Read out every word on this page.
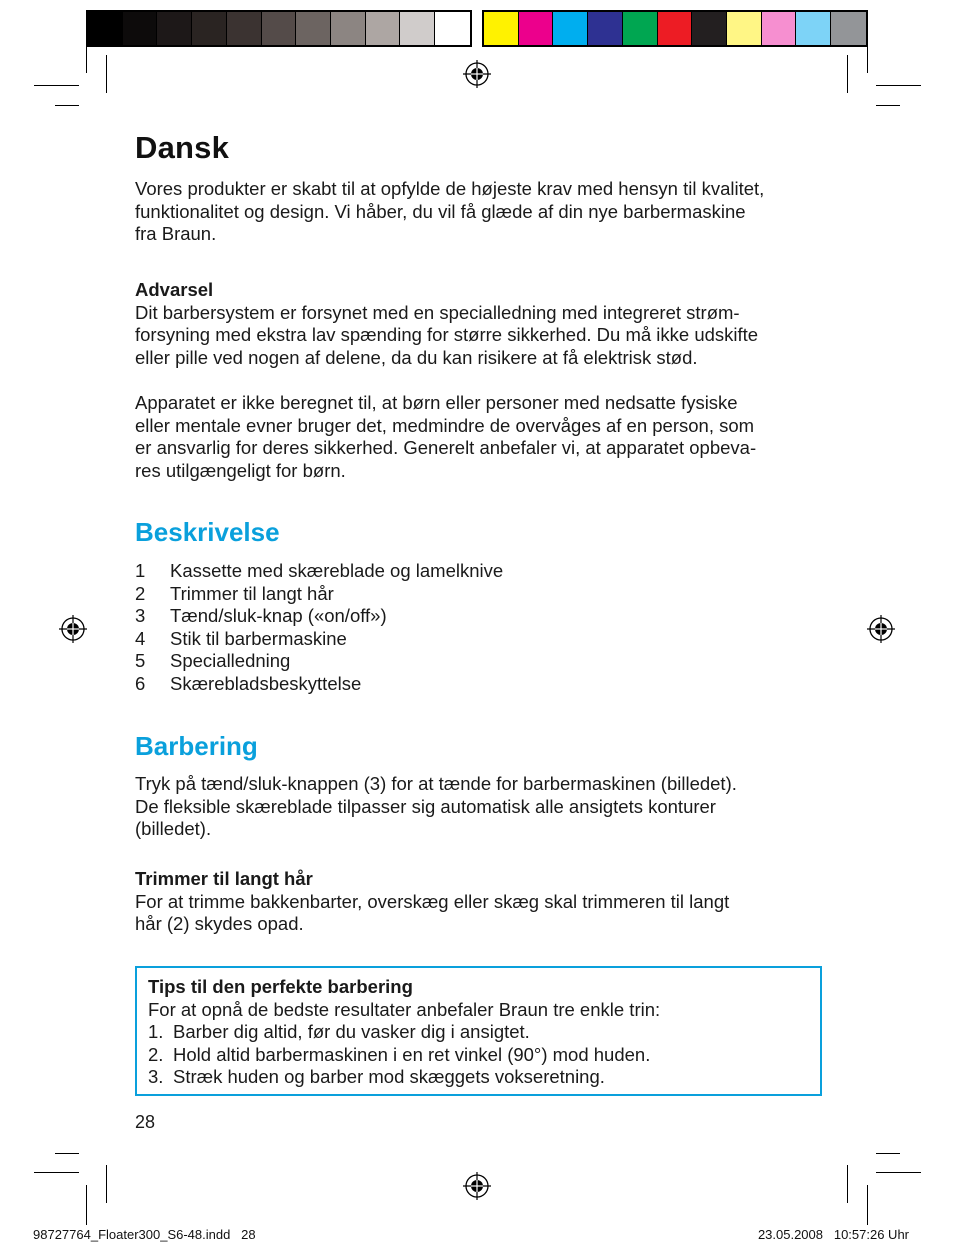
Dansk

Vores produkter er skabt til at opfylde de højeste krav med hensyn til kvalitet,

funktionalitet og design. Vi håber, du vil få glæde af din nye barbermaskine

fra Braun.

Advarsel

Dit barbersystem er forsynet med en specialledning med integreret strøm-

forsyning med ekstra lav spænding for større sikkerhed. Du må ikke udskifte

eller pille ved nogen af delene, da du kan risikere at få elektrisk stød.

Apparatet er ikke beregnet til, at børn eller personer med nedsatte fysiske

eller mentale evner bruger det, medmindre de overvåges af en person, som

er ansvarlig for deres sikkerhed. Generelt anbefaler vi, at apparatet opbeva-

res utilgængeligt for børn.

Beskrivelse
1	Kassette med skæreblade og lamelknive
2	Trimmer til langt hår
3	Tænd/sluk-knap («on/off»)
4	Stik til barbermaskine
5	Specialledning
6	Skærebladsbeskyttelse
Barbering

Tryk på tænd/sluk-knappen (3) for at tænde for barbermaskinen (billedet).

De fleksible skæreblade tilpasser sig automatisk alle ansigtets konturer

(billedet).

Trimmer til langt hår

For at trimme bakkenbarter, overskæg eller skæg skal trimmeren til langt

hår (2) skydes opad.

Tips til den perfekte barbering

For at opnå de bedste resultater anbefaler Braun tre enkle trin:

1. Barber dig altid, før du vasker dig i ansigtet.
2. Hold altid barbermaskinen i en ret vinkel (90°) mod huden.
3. Stræk huden og barber mod skæggets vokseretning.
28
98727764_Floater300_S6-48.indd   28	23.05.2008   10:57:26 Uhr
